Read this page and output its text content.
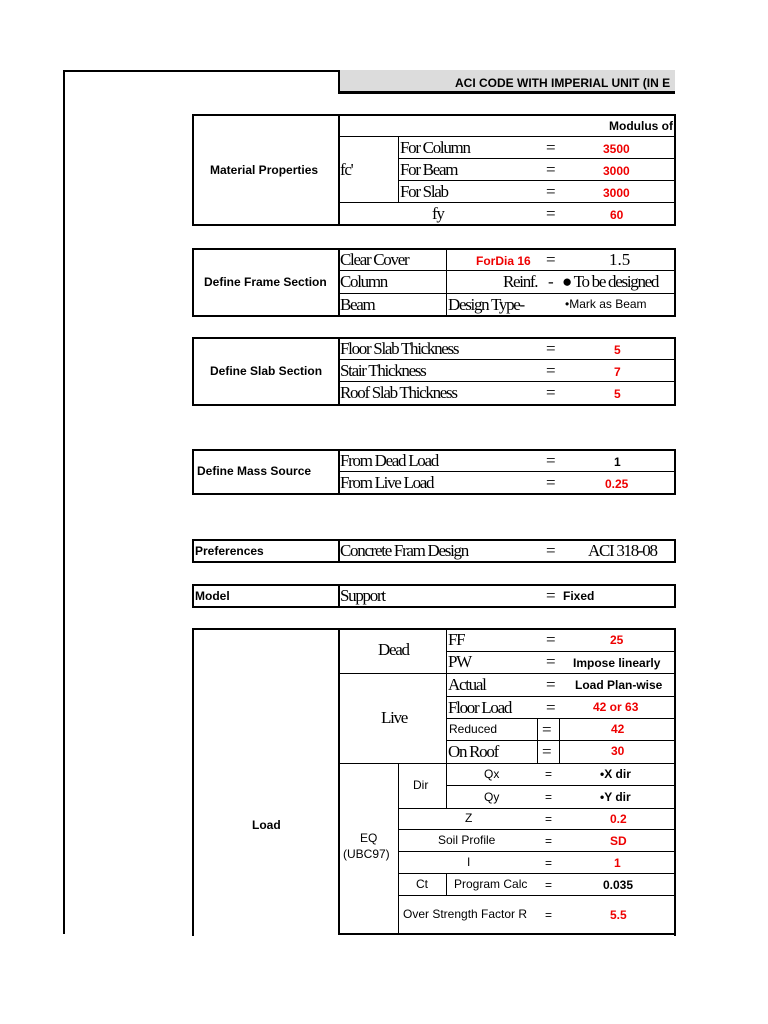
ACI CODE WITH IMPERIAL UNIT (IN E
Material Properties
Modulus of
fc'
For Column	=	3500
For Beam	=	3000
For Slab	=	3000
fy	=	60
Define Frame Section
Clear Cover	ForDia 16 =	1.5
Column	Reinf. - ● To be designed
Beam	Design Type-	•Mark as Beam
Define Slab Section
Floor Slab Thickness	=	5
Stair Thickness	=	7
Roof Slab Thickness	=	5
Define Mass Source
From Dead Load	=	1
From Live Load	=	0.25
Preferences	Concrete Fram Design	= ACI 318-08
Model	Support	= Fixed
Load
Dead
FF	=	25
PW	= Impose linearly
Live
Actual	= Load Plan-wise
Floor Load =	42 or 63
Reduced	=	42
On Roof	=	30
EQ
(UBC97)
Dir
Qx	=	•X dir
Qy	=	•Y dir
Z	=	0.2
Soil Profile	=	SD
I	=	1
Ct Program Calc =	0.035
Over Strength Factor R =	5.5
